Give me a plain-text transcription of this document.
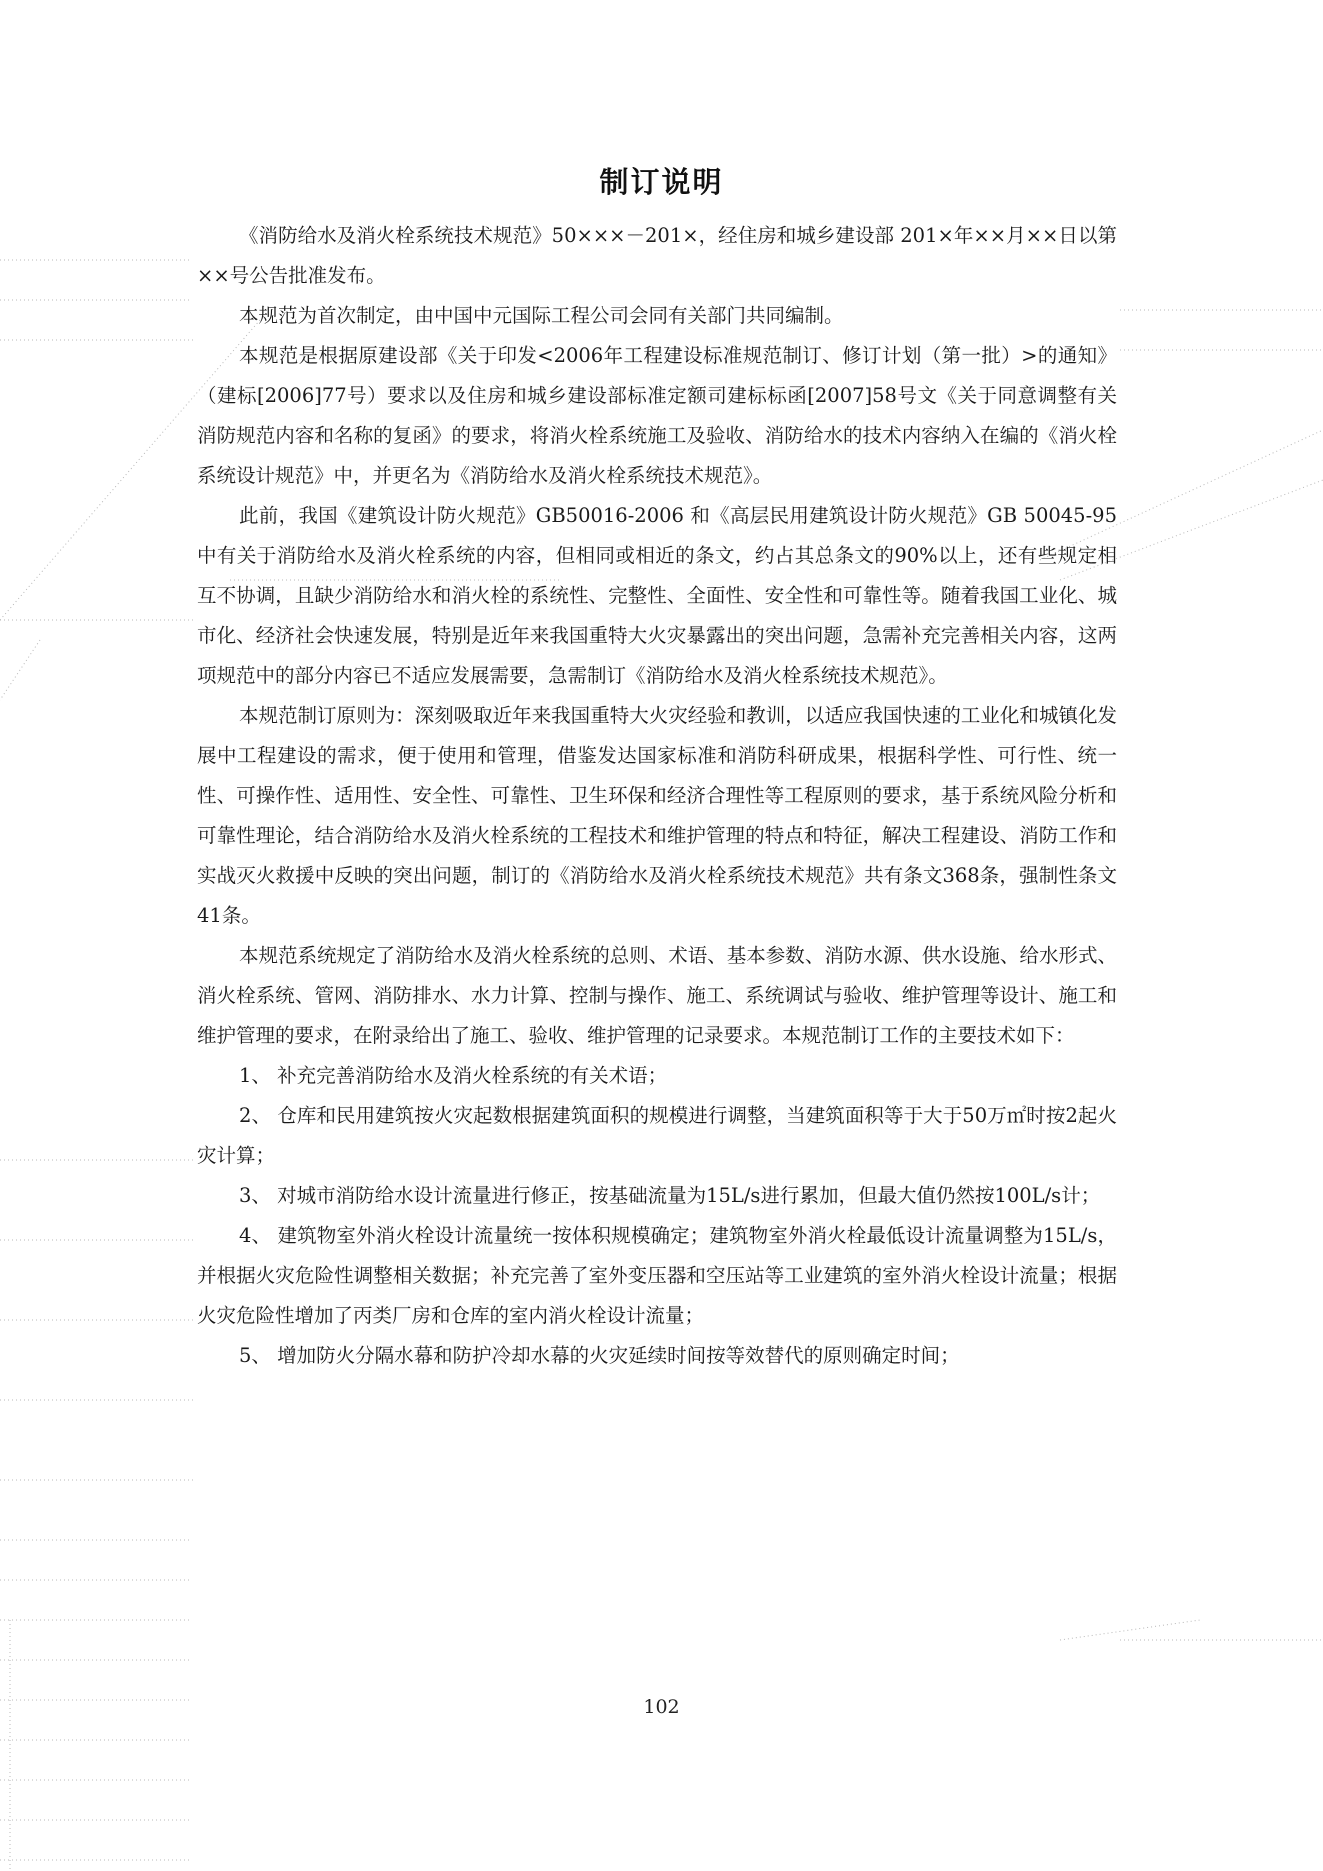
制订说明

《消防给水及消火栓系统技术规范》50×××－201×，经住房和城乡建设部 201×年××月××日以第××号公告批准发布。

本规范为首次制定，由中国中元国际工程公司会同有关部门共同编制。

本规范是根据原建设部《关于印发<2006年工程建设标准规范制订、修订计划（第一批）>的通知》（建标[2006]77号）要求以及住房和城乡建设部标准定额司建标标函[2007]58号文《关于同意调整有关消防规范内容和名称的复函》的要求，将消火栓系统施工及验收、消防给水的技术内容纳入在编的《消火栓系统设计规范》中，并更名为《消防给水及消火栓系统技术规范》。

此前，我国《建筑设计防火规范》GB50016-2006 和《高层民用建筑设计防火规范》GB 50045-95 中有关于消防给水及消火栓系统的内容，但相同或相近的条文，约占其总条文的90%以上，还有些规定相互不协调，且缺少消防给水和消火栓的系统性、完整性、全面性、安全性和可靠性等。随着我国工业化、城市化、经济社会快速发展，特别是近年来我国重特大火灾暴露出的突出问题，急需补充完善相关内容，这两项规范中的部分内容已不适应发展需要，急需制订《消防给水及消火栓系统技术规范》。

本规范制订原则为：深刻吸取近年来我国重特大火灾经验和教训，以适应我国快速的工业化和城镇化发展中工程建设的需求，便于使用和管理，借鉴发达国家标准和消防科研成果，根据科学性、可行性、统一性、可操作性、适用性、安全性、可靠性、卫生环保和经济合理性等工程原则的要求，基于系统风险分析和可靠性理论，结合消防给水及消火栓系统的工程技术和维护管理的特点和特征，解决工程建设、消防工作和实战灭火救援中反映的突出问题，制订的《消防给水及消火栓系统技术规范》共有条文368条，强制性条文41条。

本规范系统规定了消防给水及消火栓系统的总则、术语、基本参数、消防水源、供水设施、给水形式、消火栓系统、管网、消防排水、水力计算、控制与操作、施工、系统调试与验收、维护管理等设计、施工和维护管理的要求，在附录给出了施工、验收、维护管理的记录要求。本规范制订工作的主要技术如下：

1、 补充完善消防给水及消火栓系统的有关术语；

2、 仓库和民用建筑按火灾起数根据建筑面积的规模进行调整，当建筑面积等于大于50万㎡时按2起火灾计算；

3、 对城市消防给水设计流量进行修正，按基础流量为15L/s进行累加，但最大值仍然按100L/s计；

4、 建筑物室外消火栓设计流量统一按体积规模确定；建筑物室外消火栓最低设计流量调整为15L/s，并根据火灾危险性调整相关数据；补充完善了室外变压器和空压站等工业建筑的室外消火栓设计流量；根据火灾危险性增加了丙类厂房和仓库的室内消火栓设计流量；

5、 增加防火分隔水幕和防护冷却水幕的火灾延续时间按等效替代的原则确定时间；

102
